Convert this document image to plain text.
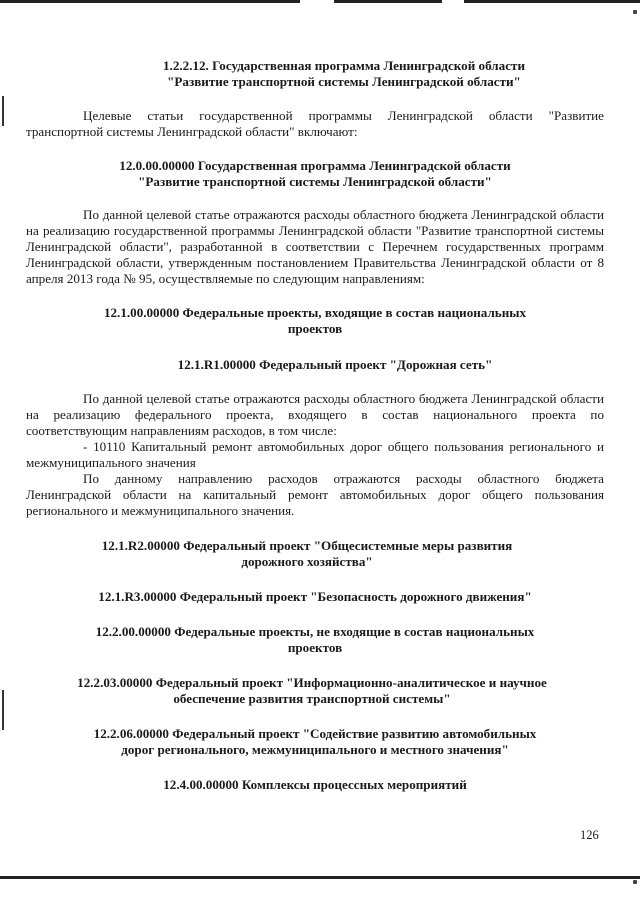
1.2.2.12. Государственная программа Ленинградской области
"Развитие транспортной системы Ленинградской области"

Целевые статьи государственной программы Ленинградской области "Развитие транспортной системы Ленинградской области" включают:

12.0.00.00000 Государственная программа Ленинградской области
"Развитие транспортной системы Ленинградской области"

По данной целевой статье отражаются расходы областного бюджета Ленинградской области на реализацию государственной программы Ленинградской области "Развитие транспортной системы Ленинградской области", разработанной в соответствии с Перечнем государственных программ Ленинградской области, утвержденным постановлением Правительства Ленинградской области от 8 апреля 2013 года № 95, осуществляемые по следующим направлениям:

12.1.00.00000 Федеральные проекты, входящие в состав национальных
проектов

12.1.R1.00000 Федеральный проект "Дорожная сеть"

По данной целевой статье отражаются расходы областного бюджета Ленинградской области на реализацию федерального проекта, входящего в состав национального проекта по соответствующим направлениям расходов, в том числе:

- 10110 Капитальный ремонт автомобильных дорог общего пользования регионального и межмуниципального значения

По данному направлению расходов отражаются расходы областного бюджета Ленинградской области на капитальный ремонт автомобильных дорог общего пользования регионального и межмуниципального значения.

12.1.R2.00000 Федеральный проект "Общесистемные меры развития
дорожного хозяйства"

12.1.R3.00000 Федеральный проект "Безопасность дорожного движения"

12.2.00.00000 Федеральные проекты, не входящие в состав национальных
проектов

12.2.03.00000 Федеральный проект "Информационно-аналитическое и научное
обеспечение развития транспортной системы"

12.2.06.00000 Федеральный проект "Содействие развитию автомобильных
дорог регионального, межмуниципального и местного значения"

12.4.00.00000 Комплексы процессных мероприятий

126
